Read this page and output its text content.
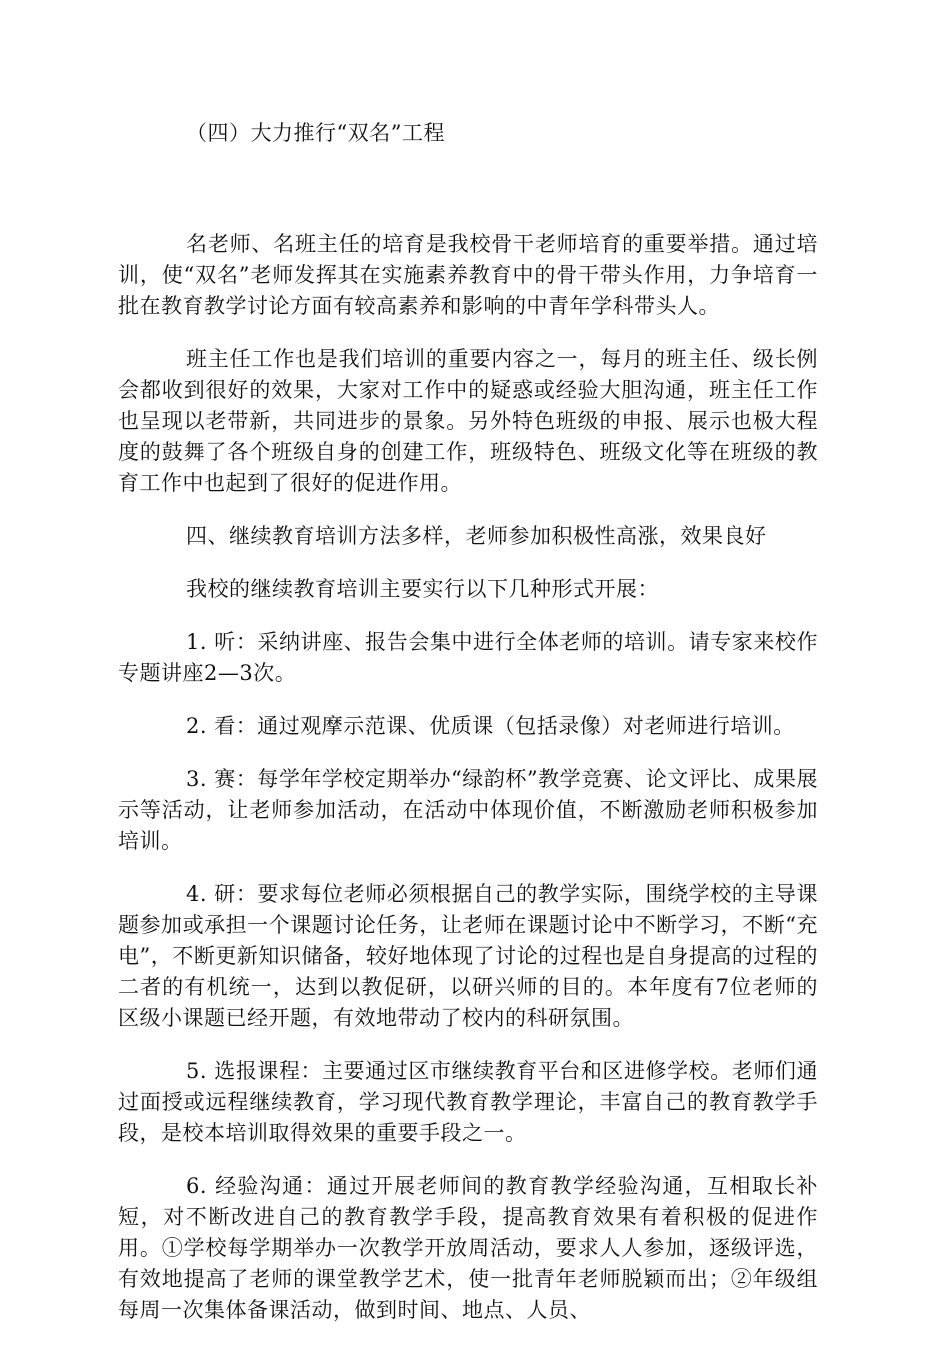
（四）大力推行“双名”工程

名老师、名班主任的培育是我校骨干老师培育的重要举措。通过培训，使“双名”老师发挥其在实施素养教育中的骨干带头作用，力争培育一批在教育教学讨论方面有较高素养和影响的中青年学科带头人。

班主任工作也是我们培训的重要内容之一，每月的班主任、级长例会都收到很好的效果，大家对工作中的疑惑或经验大胆沟通，班主任工作也呈现以老带新，共同进步的景象。另外特色班级的申报、展示也极大程度的鼓舞了各个班级自身的创建工作，班级特色、班级文化等在班级的教育工作中也起到了很好的促进作用。

四、继续教育培训方法多样，老师参加积极性高涨，效果良好

我校的继续教育培训主要实行以下几种形式开展：

1. 听：采纳讲座、报告会集中进行全体老师的培训。请专家来校作专题讲座2—3次。

2. 看：通过观摩示范课、优质课（包括录像）对老师进行培训。

3. 赛：每学年学校定期举办“绿韵杯”教学竞赛、论文评比、成果展示等活动，让老师参加活动，在活动中体现价值，不断激励老师积极参加培训。

4. 研：要求每位老师必须根据自己的教学实际，围绕学校的主导课题参加或承担一个课题讨论任务，让老师在课题讨论中不断学习，不断“充电”，不断更新知识储备，较好地体现了讨论的过程也是自身提高的过程的二者的有机统一，达到以教促研，以研兴师的目的。本年度有7位老师的区级小课题已经开题，有效地带动了校内的科研氛围。

5. 选报课程：主要通过区市继续教育平台和区进修学校。老师们通过面授或远程继续教育，学习现代教育教学理论，丰富自己的教育教学手段，是校本培训取得效果的重要手段之一。

6. 经验沟通：通过开展老师间的教育教学经验沟通，互相取长补短，对不断改进自己的教育教学手段，提高教育效果有着积极的促进作用。①学校每学期举办一次教学开放周活动，要求人人参加，逐级评选，有效地提高了老师的课堂教学艺术，使一批青年老师脱颖而出；②年级组每周一次集体备课活动，做到时间、地点、人员、
